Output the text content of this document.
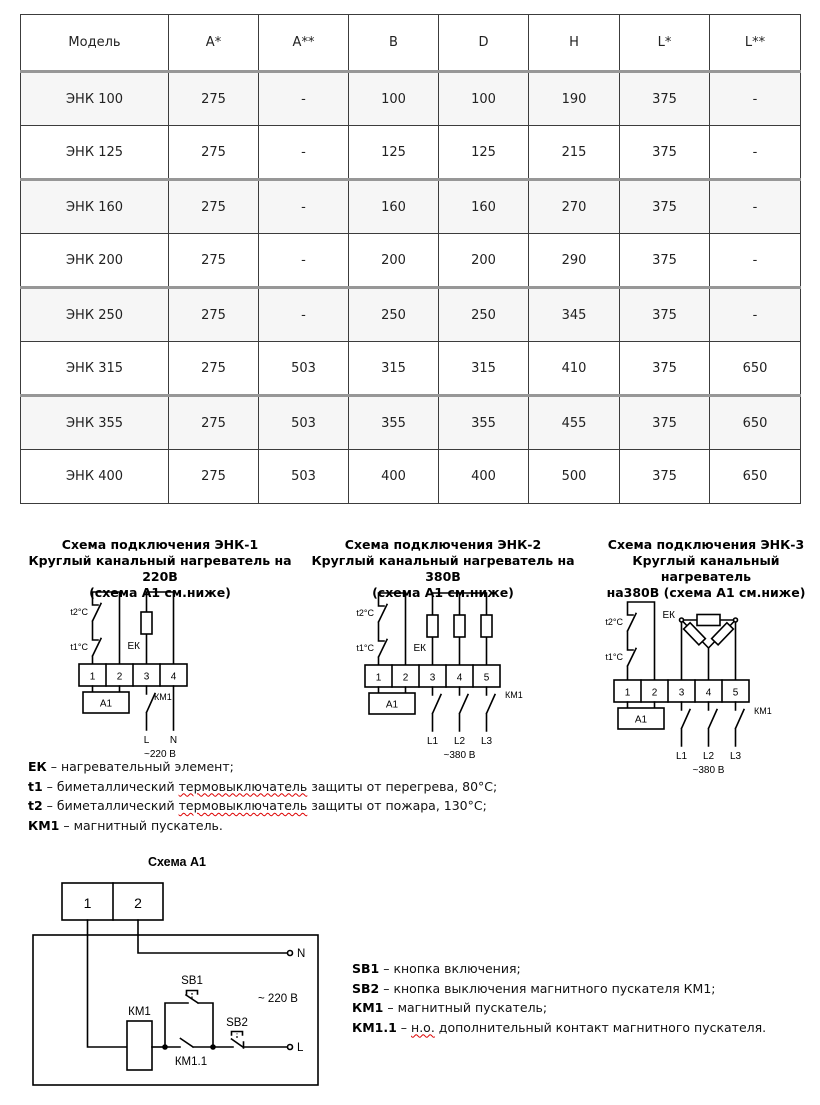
Модель	A*	A**	B	D	H	L*	L**
ЭНК 100	275	-	100	100	190	375	-
ЭНК 125	275	-	125	125	215	375	-
ЭНК 160	275	-	160	160	270	375	-
ЭНК 200	275	-	200	200	290	375	-
ЭНК 250	275	-	250	250	345	375	-
ЭНК 315	275	503	315	315	410	375	650
ЭНК 355	275	503	355	355	455	375	650
ЭНК 400	275	503	400	400	500	375	650
Схема подключения ЭНК-1
Круглый канальный нагреватель на 220В
(схема А1 см.ниже)
Схема подключения ЭНК-2
Круглый канальный нагреватель на 380В
(схема А1 см.ниже)
Схема подключения ЭНК-3
Круглый канальный нагреватель
на380В (схема А1 см.ниже)
t2°C
t1°C	ЕК
1 2 3 4
А1
КМ1
L N
~220 В
t2°C
t1°C	ЕК
1 2 3 4 5
А1
КМ1
L1 L2 L3
~380 В
t2°C
t1°C
ЕК
1 2 3 4 5
А1
КМ1
L1 L2 L3
~380 В
ЕК – нагревательный элемент;
t1 – биметаллический термовыключатель защиты от перегрева, 80°С;
t2 – биметаллический термовыключатель защиты от пожара, 130°С;
КМ1 – магнитный пускатель.
Схема А1
1	2
N
КМ1
КМ1.1
SB1
SB2
L
~ 220 В
SB1 – кнопка включения;
SB2 – кнопка выключения магнитного пускателя КМ1;
КМ1 – магнитный пускатель;
КМ1.1 – н.о. дополнительный контакт магнитного пускателя.
